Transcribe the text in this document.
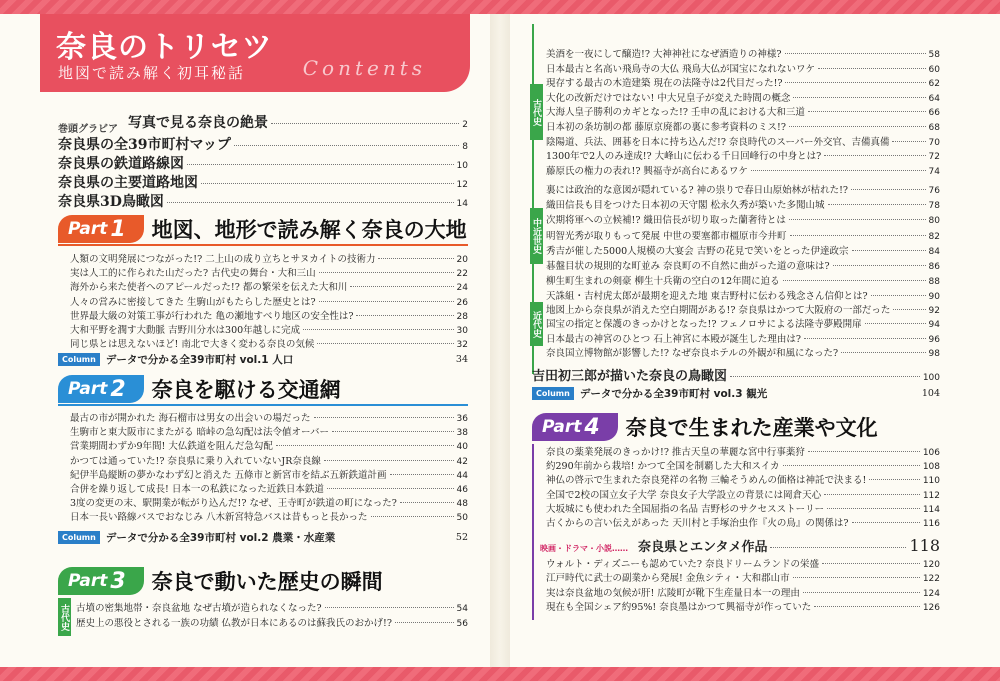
奈良のトリセツ
地図で読み解く初耳秘話	Contents
Part 1 地図、地形で読み解く奈良の大地
Column データで分かる全39市町村 vol.1 人口	34
Part 2 奈良を駆ける交通網
Column データで分かる全39市町村 vol.2 農業・水産業	52
Part 3 奈良で動いた歴史の瞬間
古代史
古代史
中近世史
近代史
吉田初三郎が描いた奈良の鳥瞰図	100
Column データで分かる全39市町村 vol.3 観光	104
Part 4 奈良で生まれた産業や文化
映画・ドラマ・小説…… 奈良県とエンタメ作品	118
巻頭グラビア 写真で見る奈良の絶景	2
奈良県の全39市町村マップ	8
奈良県の鉄道路線図	10
奈良県の主要道路地図	12
奈良県3D鳥瞰図	14
人類の文明発展につながった!? 二上山の成り立ちとサヌカイトの技術力	20
実は人工的に作られた山だった? 古代史の舞台・大和三山	22
海外から来た使者へのアピールだった!? 都の繁栄を伝えた大和川	24
人々の営みに密接してきた 生駒山がもたらした歴史とは?	26
世界最大級の対策工事が行われた 亀の瀬地すべり地区の安全性は?	28
大和平野を潤す大動脈 吉野川分水は300年越しに完成	30
同じ県とは思えないほど! 南北で大きく変わる奈良の気候	32
最古の市が開かれた 海石榴市は男女の出会いの場だった	36
生駒市と東大阪市にまたがる 暗峠の急勾配は法令値オーバー	38
営業期間わずか9年間! 大仏鉄道を阻んだ急勾配	40
かつては通っていた!? 奈良県に乗り入れていないJR奈良線	42
紀伊半島縦断の夢かなわず幻と消えた 五條市と新宮市を結ぶ五新鉄道計画	44
合併を繰り返して成長! 日本一の私鉄になった近鉄日本鉄道	46
3度の変更の末、駅開業が転がり込んだ!? なぜ、王寺町が鉄道の町になった?	48
日本一長い路線バスでおなじみ 八木新宮特急バスは昔もっと長かった	50
古墳の密集地帯・奈良盆地 なぜ古墳が造られなくなった?	54
歴史上の悪役とされる一族の功績 仏教が日本にあるのは蘇我氏のおかげ!?	56
美酒を一夜にして醸造!? 大神神社になぜ酒造りの神様?	58
日本最古と名高い飛鳥寺の大仏 飛鳥大仏が国宝になれないワケ	60
現存する最古の木造建築 現在の法隆寺は2代目だった!?	62
大化の改新だけではない! 中大兄皇子が変えた時間の概念	64
大海人皇子勝利のカギとなった!? 壬申の乱における大和三道	66
日本初の条坊制の都 藤原京廃都の裏に参考資料のミス!?	68
陰陽道、兵法、囲碁を日本に持ち込んだ!? 奈良時代のスーパー外交官、吉備真備	70
1300年で2人のみ達成!? 大峰山に伝わる千日回峰行の中身とは?	72
藤原氏の権力の表れ!? 興福寺が高台にあるワケ	74
裏には政治的な意図が隠れている? 神の祟りで春日山原始林が枯れた!?	76
織田信長も目をつけた日本初の天守閣 松永久秀が築いた多聞山城	78
次期将軍への立候補!? 織田信長が切り取った蘭奢待とは	80
明智光秀が取りもって発展 中世の要塞都市橿原市今井町	82
秀吉が催した5000人規模の大宴会 吉野の花見で笑いをとった伊達政宗	84
碁盤目状の規則的な町並み 奈良町の不自然に曲がった道の意味は?	86
柳生町生まれの剣豪 柳生十兵衛の空白の12年間に迫る	88
天誅組・吉村虎太郎が最期を迎えた地 東吉野村に伝わる残念さん信仰とは?	90
地図上から奈良県が消えた空白期間がある!? 奈良県はかつて大阪府の一部だった	92
国宝の指定と保護のきっかけとなった!? フェノロサによる法隆寺夢殿開扉	94
日本最古の神宮のひとつ 石上神宮に本殿が誕生した理由は?	96
奈良国立博物館が影響した!? なぜ奈良ホテルの外観が和風になった?	98
奈良の薬業発展のきっかけ!? 推古天皇の華麗な宮中行事薬狩	106
約290年前から栽培! かつて全国を制覇した大和スイカ	108
神仏の啓示で生まれた奈良発祥の名物 三輪そうめんの価格は神託で決まる!	110
全国で2校の国立女子大学 奈良女子大学設立の背景には岡倉天心	112
大坂城にも使われた全国屈指の名品 吉野杉のサクセスストーリー	114
古くからの言い伝えがあった 天川村と手塚治虫作『火の鳥』の関係は?	116
ウォルト・ディズニーも認めていた? 奈良ドリームランドの栄盛	120
江戸時代に武士の副業から発展! 金魚シティ・大和郡山市	122
実は奈良盆地の気候が肝! 広陵町が靴下生産量日本一の理由	124
現在も全国シェア約95%! 奈良墨はかつて興福寺が作っていた	126
